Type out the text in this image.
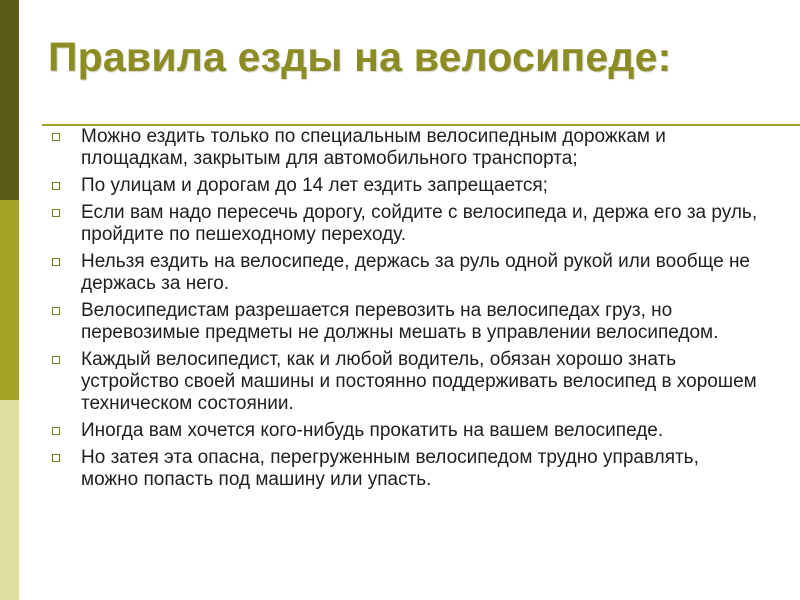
Правила езды на велосипеде:
Можно ездить только по специальным велосипедным дорожкам и площадкам, закрытым для автомобильного транспорта;
По улицам и дорогам до 14 лет ездить запрещается;
Если вам надо пересечь дорогу, сойдите с велосипеда и, держа его за руль, пройдите по пешеходному переходу.
Нельзя ездить на велосипеде, держась за руль одной рукой или вообще не держась за него.
Велосипедистам разрешается перевозить на велосипедах груз, но перевозимые предметы не должны мешать в управлении велосипедом.
Каждый велосипедист, как и любой водитель, обязан хорошо знать устройство своей машины и постоянно поддерживать велосипед в хорошем техническом состоянии.
Иногда вам хочется кого-нибудь прокатить на вашем велосипеде.
Но затея эта опасна, перегруженным велосипедом трудно управлять, можно попасть под машину или упасть.
